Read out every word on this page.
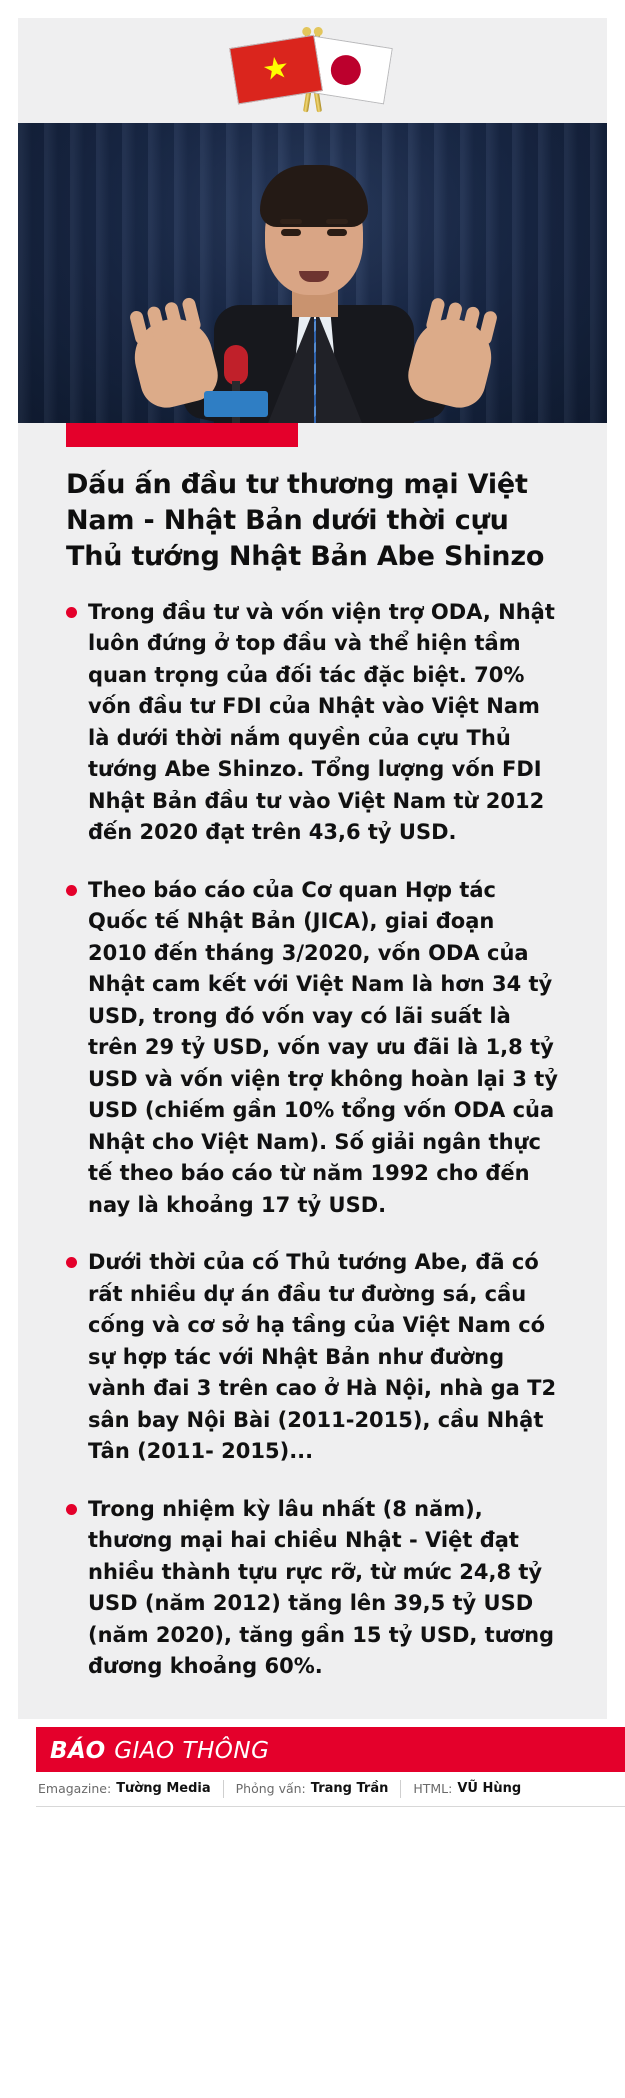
★
Dấu ấn đầu tư thương mại Việt Nam - Nhật Bản dưới thời cựu Thủ tướng Nhật Bản Abe Shinzo

Trong đầu tư và vốn viện trợ ODA, Nhật luôn đứng ở top đầu và thể hiện tầm quan trọng của đối tác đặc biệt. 70% vốn đầu tư FDI của Nhật vào Việt Nam là dưới thời nắm quyền của cựu Thủ tướng Abe Shinzo. Tổng lượng vốn FDI Nhật Bản đầu tư vào Việt Nam từ 2012 đến 2020 đạt trên 43,6 tỷ USD.

Theo báo cáo của Cơ quan Hợp tác Quốc tế Nhật Bản (JICA), giai đoạn 2010 đến tháng 3/2020, vốn ODA của Nhật cam kết với Việt Nam là hơn 34 tỷ USD, trong đó vốn vay có lãi suất là trên 29 tỷ USD, vốn vay ưu đãi là 1,8 tỷ USD và vốn viện trợ không hoàn lại 3 tỷ USD (chiếm gần 10% tổng vốn ODA của Nhật cho Việt Nam). Số giải ngân thực tế theo báo cáo từ năm 1992 cho đến nay là khoảng 17 tỷ USD.

Dưới thời của cố Thủ tướng Abe, đã có rất nhiều dự án đầu tư đường sá, cầu cống và cơ sở hạ tầng của Việt Nam có sự hợp tác với Nhật Bản như đường vành đai 3 trên cao ở Hà Nội, nhà ga T2 sân bay Nội Bài (2011-2015), cầu Nhật Tân (2011- 2015)...

Trong nhiệm kỳ lâu nhất (8 năm), thương mại hai chiều Nhật - Việt đạt nhiều thành tựu rực rỡ, từ mức 24,8 tỷ USD (năm 2012) tăng lên 39,5 tỷ USD (năm 2020), tăng gần 15 tỷ USD, tương đương khoảng 60%.

BÁO GIAO THÔNG
Emagazine: Tường Media Phỏng vấn: Trang Trần HTML: VŨ Hùng
